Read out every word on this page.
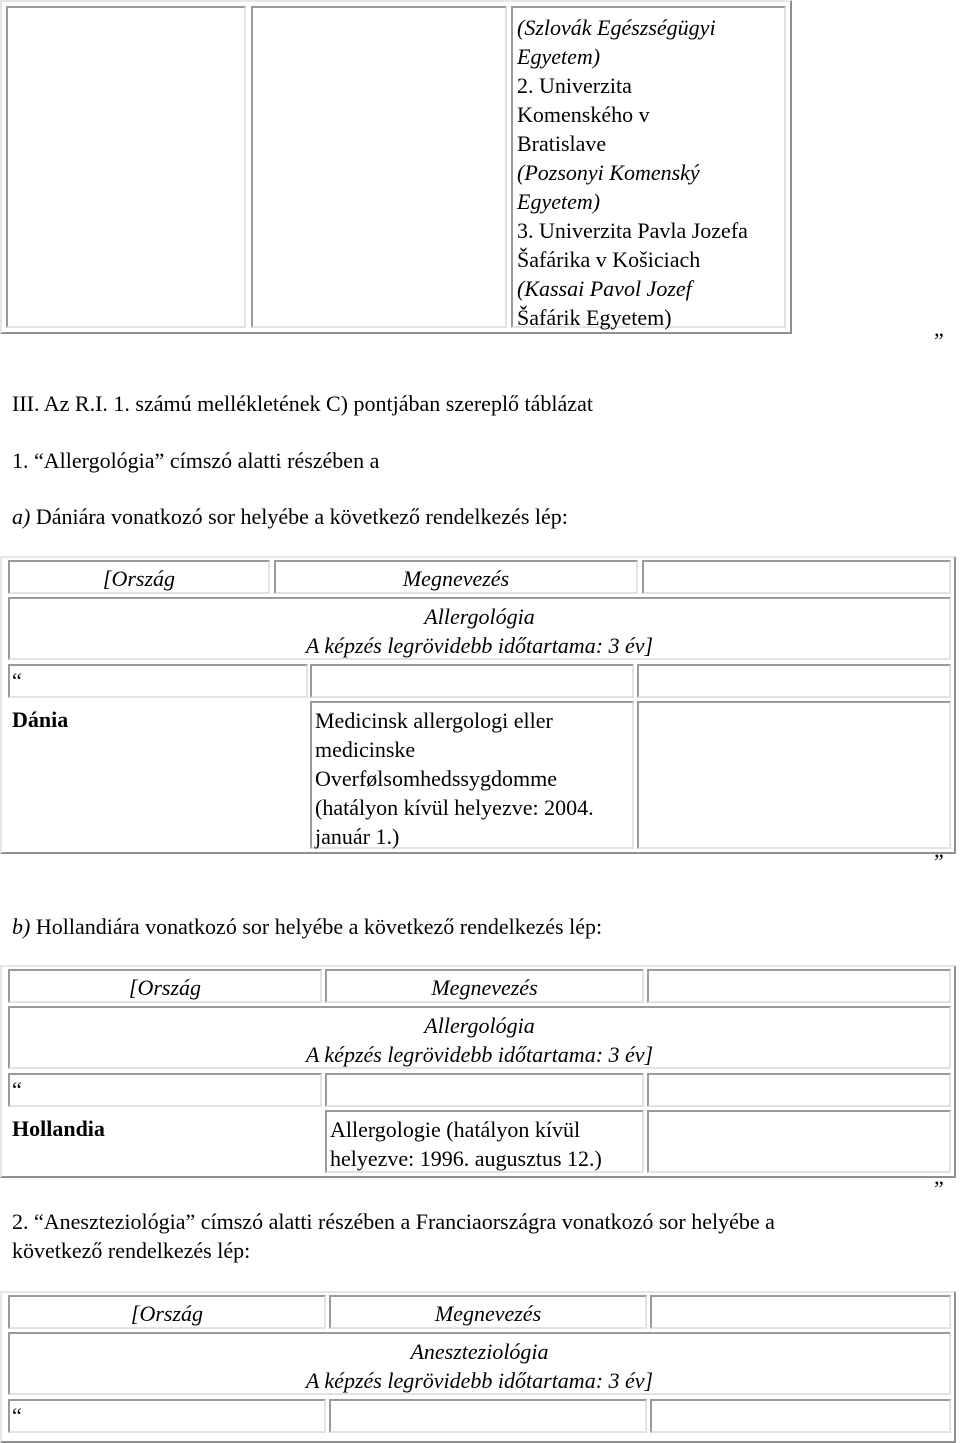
(Szlovák Egészségügyi
Egyetem)
2. Univerzita
Komenského v
Bratislave
(Pozsonyi Komenský
Egyetem)
3. Univerzita Pavla Jozefa
Šafárika v Košiciach
(Kassai Pavol Jozef
Šafárik Egyetem)
”
III. Az R.I. 1. számú mellékletének C) pontjában szereplő táblázat
1. “Allergológia” címszó alatti részében a
a) Dániára vonatkozó sor helyébe a következő rendelkezés lép:
[Ország	Megnevezés
Allergológia
A képzés legrövidebb időtartama: 3 év]
“
Dánia	Medicinsk allergologi eller
medicinske
Overfølsomhedssygdomme
(hatályon kívül helyezve: 2004.
január 1.)
”
b) Hollandiára vonatkozó sor helyébe a következő rendelkezés lép:
[Ország	Megnevezés
Allergológia
A képzés legrövidebb időtartama: 3 év]
“
Hollandia	Allergologie (hatályon kívül
helyezve: 1996. augusztus 12.)
”
2. “Aneszteziológia” címszó alatti részében a Franciaországra vonatkozó sor helyébe a
következő rendelkezés lép:
[Ország	Megnevezés
Aneszteziológia
A képzés legrövidebb időtartama: 3 év]
“
